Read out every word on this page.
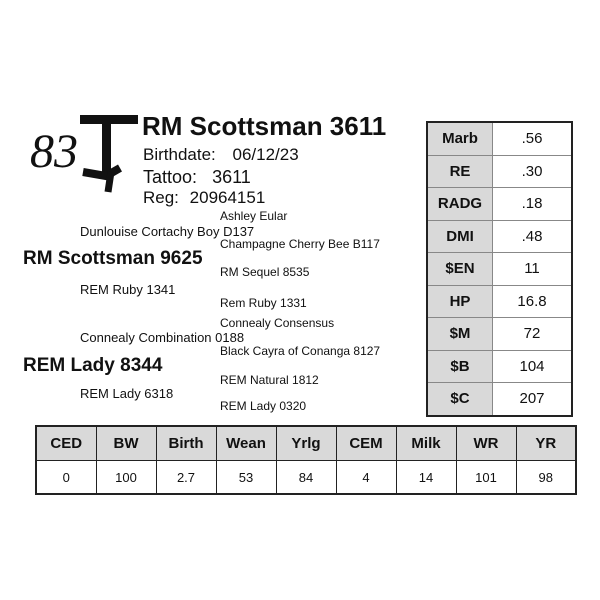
83 RM Scottsman 3611
Birthdate: 06/12/23
Tattoo: 3611
Reg: 20964151
Ashley Eular
Dunlouise Cortachy Boy D137
Champagne Cherry Bee B117
RM Scottsman 9625
RM Sequel 8535
REM Ruby 1341
Rem Ruby 1331
Connealy Consensus
Connealy Combination 0188
Black Cayra of Conanga 8127
REM Lady 8344
REM Natural 1812
REM Lady 6318
REM Lady 0320
Marb	.56
RE	.30
RADG	.18
DMI	.48
$EN	11
HP	16.8
$M	72
$B	104
$C	207
CED	BW	Birth	Wean	Yrlg	CEM	Milk	WR	YR
0	100	2.7	53	84	4	14	101	98
